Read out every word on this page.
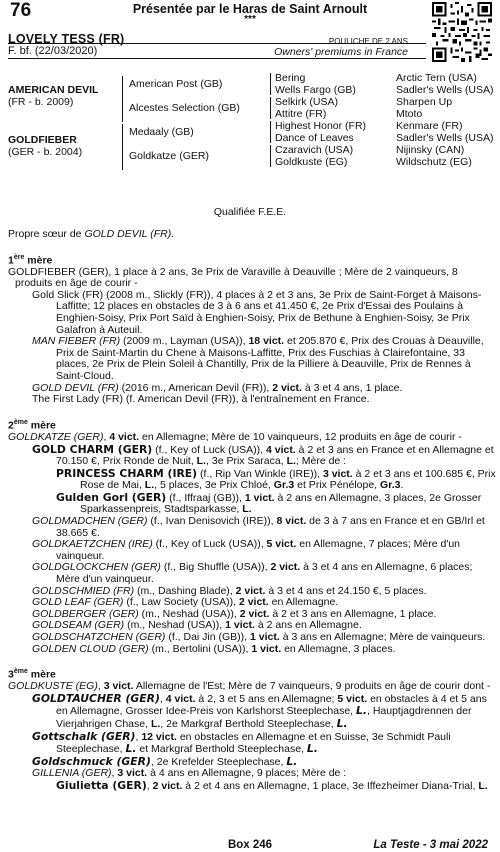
76	Présentée par le Haras de Saint Arnoult
***
LOVELY TESS (FR)
F. bf. (22/03/2020)
POULICHE DE 2 ANS
Owners' premiums in France
AMERICAN DEVIL
(FR - b. 2009)
GOLDFIEBER
(GER - b. 2004)
American Post (GB)
Alcestes Selection (GB)
Medaaly (GB)
Goldkatze (GER)
Bering
Wells Fargo (GB)
Selkirk (USA)
Attitre (FR)
Highest Honor (FR)
Dance of Leaves
Czaravich (USA)
Goldkuste (EG)
Arctic Tern (USA)
Sadler's Wells (USA)
Sharpen Up
Mtoto
Kenmare (FR)
Sadler's Wells (USA)
Nijinsky (CAN)
Wildschutz (EG)
Qualifiée F.E.E.

Propre sœur de GOLD DEVIL (FR).

1ère mère

GOLDFIEBER (GER), 1 place à 2 ans, 3e Prix de Varaville à Deauville ; Mère de 2 vainqueurs, 8 produits en âge de courir -

Gold Slick (FR) (2008 m., Slickly (FR)), 4 places à 2 et 3 ans, 3e Prix de Saint-Forget à Maisons-Laffitte; 12 places en obstacles de 3 à 6 ans et 41.450 €, 2e Prix d'Essai des Poulains à Enghien-Soisy, Prix Port Saïd à Enghien-Soisy, Prix de Bethune à Enghien-Soisy, 3e Prix Galafron à Auteuil.

MAN FIEBER (FR) (2009 m., Layman (USA)), 18 vict. et 205.870 €, Prix des Crouas à Deauville, Prix de Saint-Martin du Chene à Maisons-Laffitte, Prix des Fuschias à Clairefontaine, 33 places, 2e Prix de Plein Soleil à Chantilly, Prix de la Pilliere à Deauville, Prix de Rennes à Saint-Cloud.

GOLD DEVIL (FR) (2016 m., American Devil (FR)), 2 vict. à 3 et 4 ans, 1 place.

The First Lady (FR) (f. American Devil (FR)), à l'entraînement en France.

2ème mère

GOLDKATZE (GER), 4 vict. en Allemagne; Mère de 10 vainqueurs, 12 produits en âge de courir -

GOLD CHARM (GER) (f., Key of Luck (USA)), 4 vict. à 2 et 3 ans en France et en Allemagne et 70.150 €, Prix Ronde de Nuit, L., 3e Prix Saraca, L.; Mère de :

PRINCESS CHARM (IRE) (f., Rip Van Winkle (IRE)), 3 vict. à 2 et 3 ans et 100.685 €, Prix Rose de Mai, L., 5 places, 3e Prix Chloé, Gr.3 et Prix Pénélope, Gr.3.

Gulden Gorl (GER) (f., Iffraaj (GB)), 1 vict. à 2 ans en Allemagne, 3 places, 2e Grosser Sparkassenpreis, Stadtsparkasse, L.

GOLDMADCHEN (GER) (f., Ivan Denisovich (IRE)), 8 vict. de 3 à 7 ans en France et en GB/Irl et 38.665 €.

GOLDKAETZCHEN (IRE) (f., Key of Luck (USA)), 5 vict. en Allemagne, 7 places; Mère d'un vainqueur.

GOLDGLOCKCHEN (GER) (f., Big Shuffle (USA)), 2 vict. à 3 et 4 ans en Allemagne, 6 places; Mère d'un vainqueur.

GOLDSCHMIED (FR) (m., Dashing Blade), 2 vict. à 3 et 4 ans et 24.150 €, 5 places.

GOLD LEAF (GER) (f., Law Society (USA)), 2 vict. en Allemagne.

GOLDBERGER (GER) (m., Neshad (USA)), 2 vict. à 2 et 3 ans en Allemagne, 1 place.

GOLDSEAM (GER) (m., Neshad (USA)), 1 vict. à 2 ans en Allemagne.

GOLDSCHATZCHEN (GER) (f., Dai Jin (GB)), 1 vict. à 3 ans en Allemagne; Mère de vainqueurs.

GOLDEN CLOUD (GER) (m., Bertolini (USA)), 1 vict. en Allemagne, 3 places.

3ème mère

GOLDKUSTE (EG), 3 vict. Allemagne de l'Est; Mère de 7 vainqueurs, 9 produits en âge de courir dont -

GOLDTAUCHER (GER), 4 vict. à 2, 3 et 5 ans en Allemagne; 5 vict. en obstacles à 4 et 5 ans en Allemagne, Grosser Idee-Preis von Karlshorst Steeplechase, L., Hauptjagdrennen der Vierjahrigen Chase, L., 2e Markgraf Berthold Steeplechase, L.

Gottschalk (GER), 12 vict. en obstacles en Allemagne et en Suisse, 3e Schmidt Pauli Steeplechase, L. et Markgraf Berthold Steeplechase, L.

Goldschmuck (GER), 2e Krefelder Steeplechase, L.

GILLENIA (GER), 3 vict. à 4 ans en Allemagne, 9 places; Mère de :

Giulietta (GER), 2 vict. à 2 et 4 ans en Allemagne, 1 place, 3e Iffezheimer Diana-Trial, L.

Box 246	La Teste - 3 mai 2022
